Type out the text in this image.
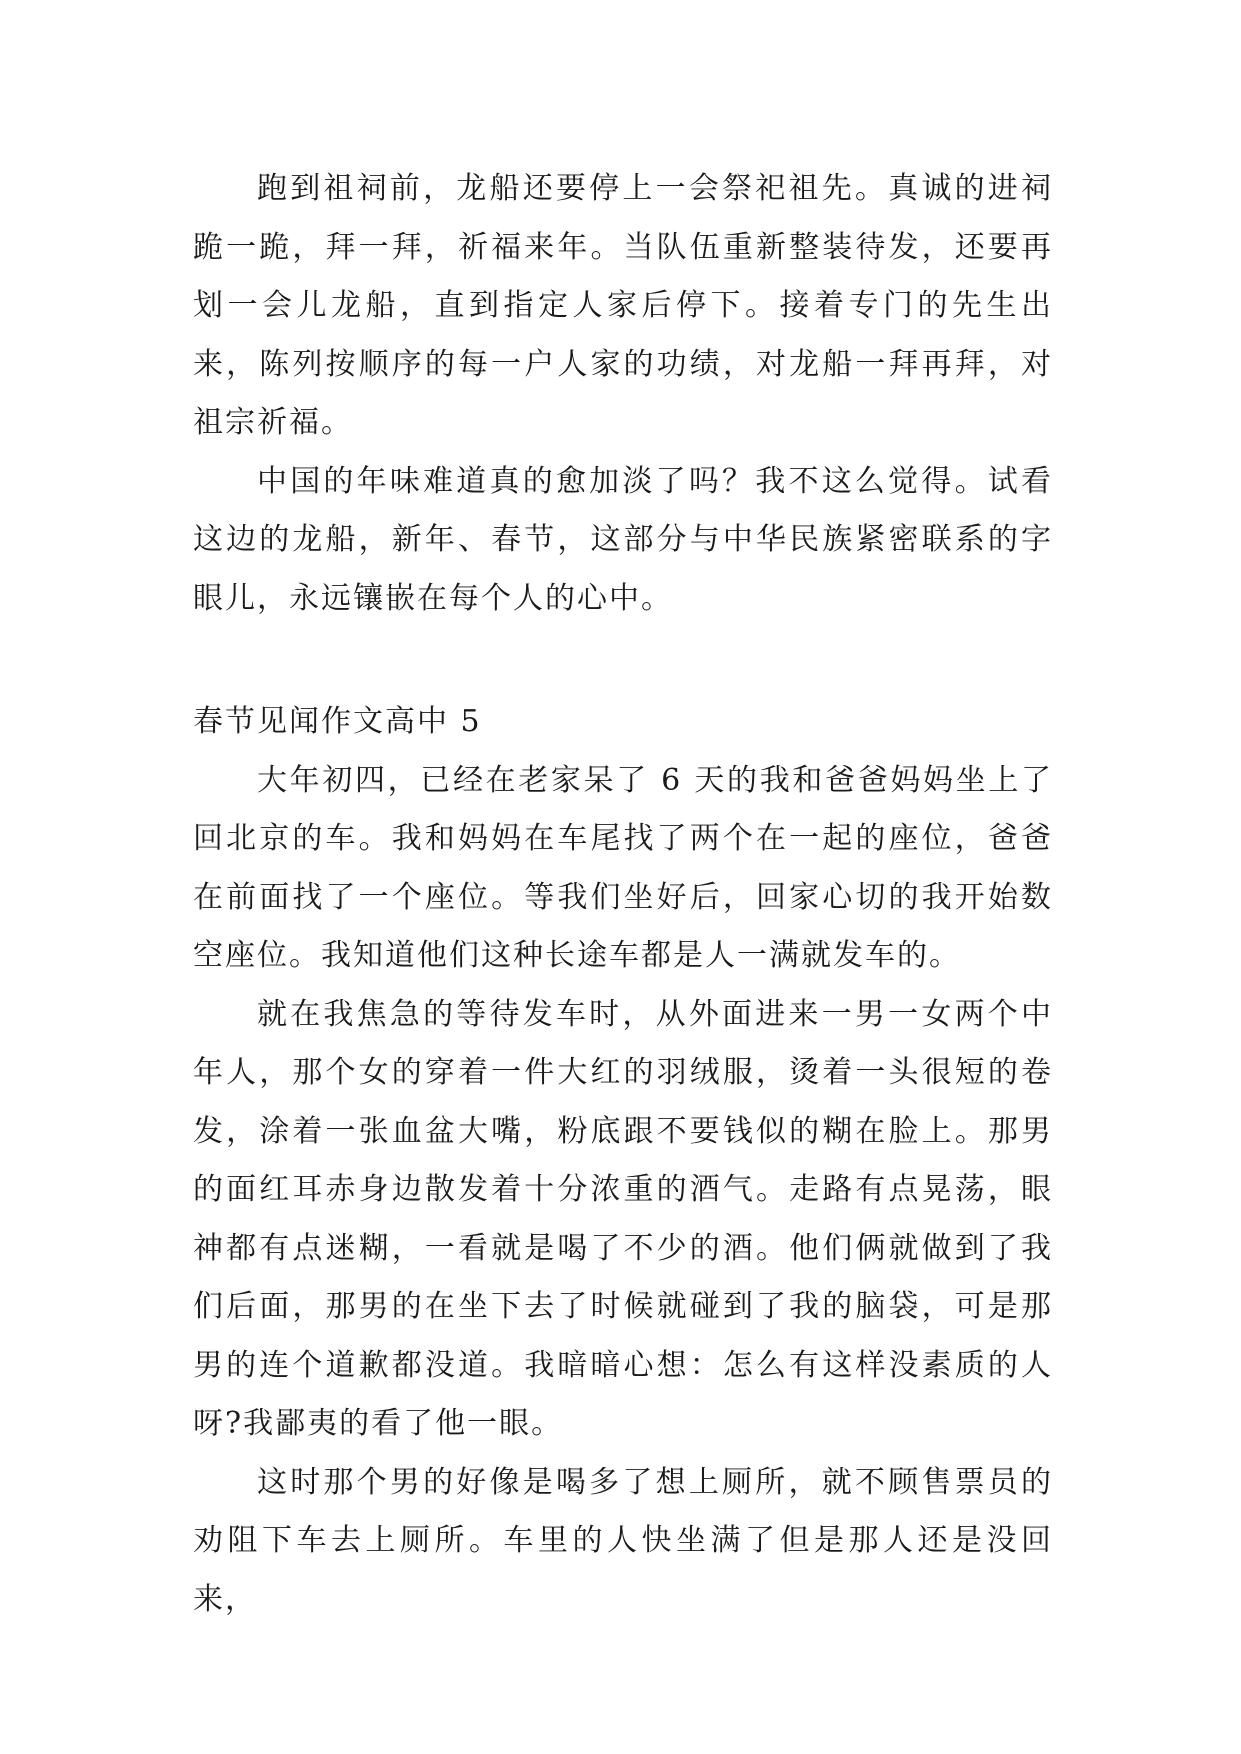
跑到祖祠前，龙船还要停上一会祭祀祖先。真诚的进祠跪一跪，拜一拜，祈福来年。当队伍重新整装待发，还要再划一会儿龙船，直到指定人家后停下。接着专门的先生出来，陈列按顺序的每一户人家的功绩，对龙船一拜再拜，对祖宗祈福。

中国的年味难道真的愈加淡了吗？我不这么觉得。试看这边的龙船，新年、春节，这部分与中华民族紧密联系的字眼儿，永远镶嵌在每个人的心中。

春节见闻作文高中 5

大年初四，已经在老家呆了 6 天的我和爸爸妈妈坐上了回北京的车。我和妈妈在车尾找了两个在一起的座位，爸爸在前面找了一个座位。等我们坐好后，回家心切的我开始数空座位。我知道他们这种长途车都是人一满就发车的。

就在我焦急的等待发车时，从外面进来一男一女两个中年人，那个女的穿着一件大红的羽绒服，烫着一头很短的卷发，涂着一张血盆大嘴，粉底跟不要钱似的糊在脸上。那男的面红耳赤身边散发着十分浓重的酒气。走路有点晃荡，眼神都有点迷糊，一看就是喝了不少的酒。他们俩就做到了我们后面，那男的在坐下去了时候就碰到了我的脑袋，可是那男的连个道歉都没道。我暗暗心想：怎么有这样没素质的人呀?我鄙夷的看了他一眼。

这时那个男的好像是喝多了想上厕所，就不顾售票员的劝阻下车去上厕所。车里的人快坐满了但是那人还是没回来，
